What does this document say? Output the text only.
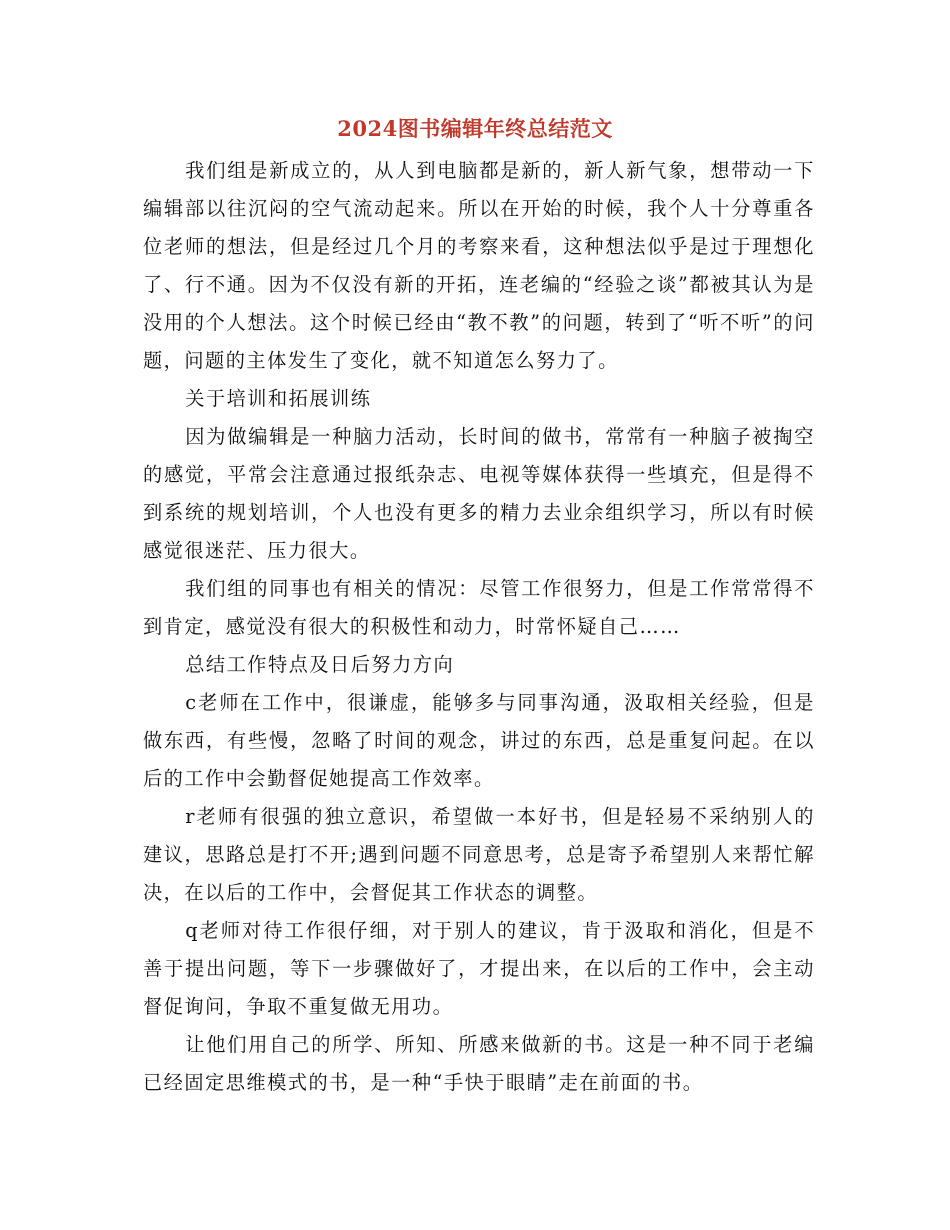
2024图书编辑年终总结范文

我们组是新成立的，从人到电脑都是新的，新人新气象，想带动一下编辑部以往沉闷的空气流动起来。所以在开始的时候，我个人十分尊重各位老师的想法，但是经过几个月的考察来看，这种想法似乎是过于理想化了、行不通。因为不仅没有新的开拓，连老编的“经验之谈”都被其认为是没用的个人想法。这个时候已经由“教不教”的问题，转到了“听不听”的问题，问题的主体发生了变化，就不知道怎么努力了。

关于培训和拓展训练

因为做编辑是一种脑力活动，长时间的做书，常常有一种脑子被掏空的感觉，平常会注意通过报纸杂志、电视等媒体获得一些填充，但是得不到系统的规划培训，个人也没有更多的精力去业余组织学习，所以有时候感觉很迷茫、压力很大。

我们组的同事也有相关的情况：尽管工作很努力，但是工作常常得不到肯定，感觉没有很大的积极性和动力，时常怀疑自己……

总结工作特点及日后努力方向

c老师在工作中，很谦虚，能够多与同事沟通，汲取相关经验，但是做东西，有些慢，忽略了时间的观念，讲过的东西，总是重复问起。在以后的工作中会勤督促她提高工作效率。

r老师有很强的独立意识，希望做一本好书，但是轻易不采纳别人的建议，思路总是打不开;遇到问题不同意思考，总是寄予希望别人来帮忙解决，在以后的工作中，会督促其工作状态的调整。

q老师对待工作很仔细，对于别人的建议，肯于汲取和消化，但是不善于提出问题，等下一步骤做好了，才提出来，在以后的工作中，会主动督促询问，争取不重复做无用功。

让他们用自己的所学、所知、所感来做新的书。这是一种不同于老编已经固定思维模式的书，是一种“手快于眼睛”走在前面的书。
